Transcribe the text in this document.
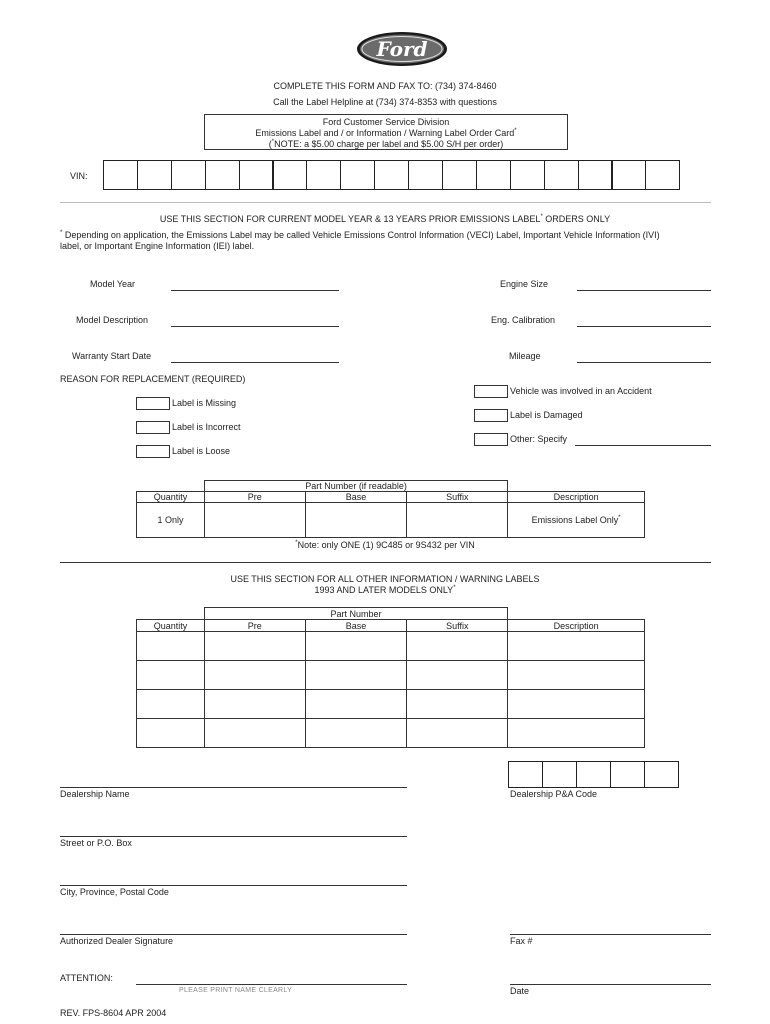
Ford
COMPLETE THIS FORM AND FAX TO: (734) 374-8460
Call the Label Helpline at (734) 374-8353 with questions
Ford Customer Service Division
Emissions Label and / or Information / Warning Label Order Card*
(*NOTE: a $5.00 charge per label and $5.00 S/H per order)
VIN:
USE THIS SECTION FOR CURRENT MODEL YEAR & 13 YEARS PRIOR EMISSIONS LABEL* ORDERS ONLY
* Depending on application, the Emissions Label may be called Vehicle Emissions Control Information (VECI) Label, Important Vehicle Information (IVI)
label, or Important Engine Information (IEI) label.
Model Year	Engine Size
Model Description	Eng. Calibration
Warranty Start Date	Mileage
REASON FOR REPLACEMENT (REQUIRED)
Label is Missing
Label is Incorrect
Label is Loose
Vehicle was involved in an Accident
Label is Damaged
Other: Specify
	Part Number (if readable)			
Quantity	Pre	Base	Suffix	Description
1 Only				Emissions Label Only*
*Note: only ONE (1) 9C485 or 9S432 per VIN
USE THIS SECTION FOR ALL OTHER INFORMATION / WARNING LABELS
1993 AND LATER MODELS ONLY*
	Part Number			
Quantity	Pre	Base	Suffix	Description

Dealership Name	Dealership P&A Code
Street or P.O. Box
City, Province, Postal Code
Authorized Dealer Signature	Fax #
ATTENTION:
PLEASE PRINT NAME CLEARLY	Date
REV. FPS-8604 APR 2004
